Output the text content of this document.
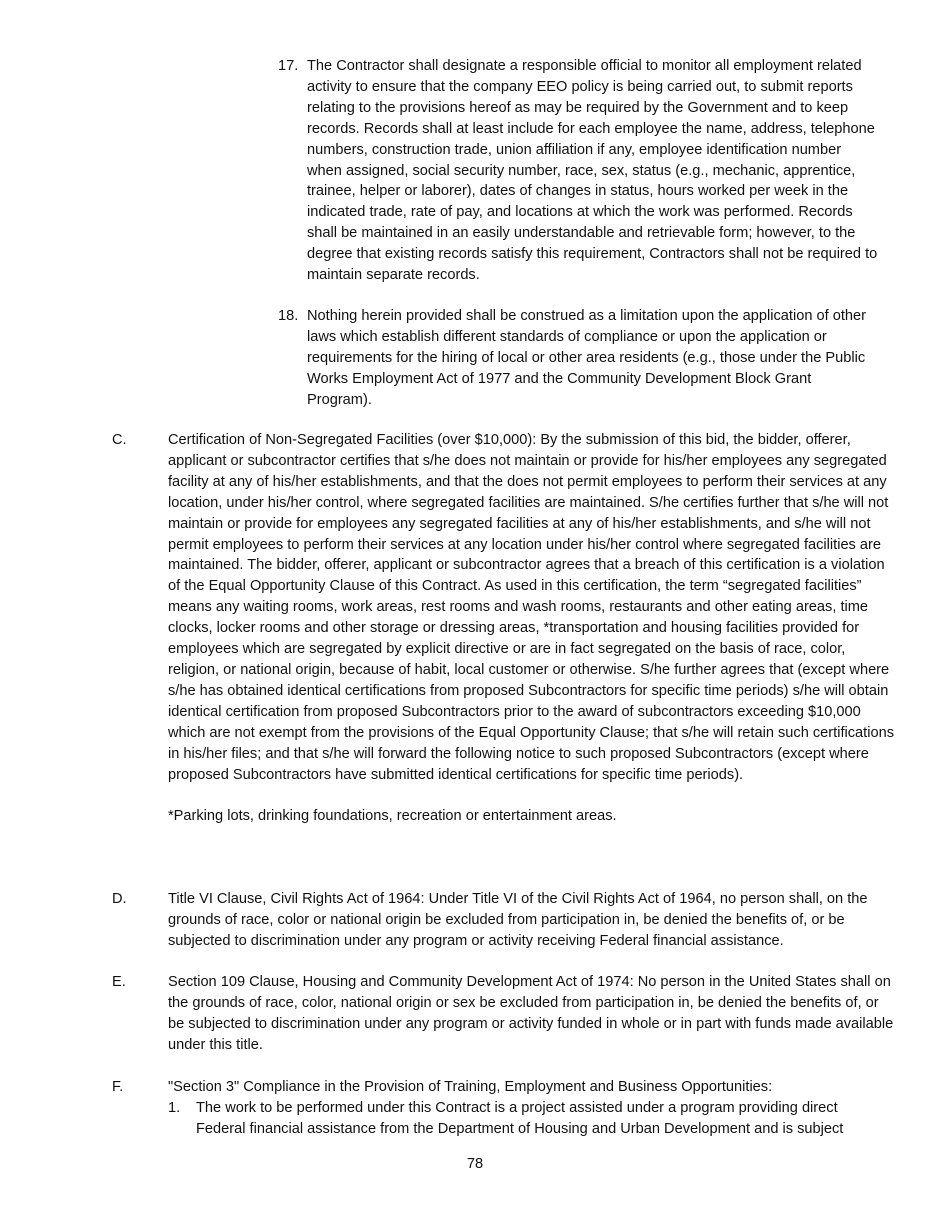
17. The Contractor shall designate a responsible official to monitor all employment related activity to ensure that the company EEO policy is being carried out, to submit reports relating to the provisions hereof as may be required by the Government and to keep records. Records shall at least include for each employee the name, address, telephone numbers, construction trade, union affiliation if any, employee identification number when assigned, social security number, race, sex, status (e.g., mechanic, apprentice, trainee, helper or laborer), dates of changes in status, hours worked per week in the indicated trade, rate of pay, and locations at which the work was performed. Records shall be maintained in an easily understandable and retrievable form; however, to the degree that existing records satisfy this requirement, Contractors shall not be required to maintain separate records.
18. Nothing herein provided shall be construed as a limitation upon the application of other laws which establish different standards of compliance or upon the application or requirements for the hiring of local or other area residents (e.g., those under the Public Works Employment Act of 1977 and the Community Development Block Grant Program).
C.	Certification of Non-Segregated Facilities (over $10,000): By the submission of this bid, the bidder, offerer, applicant or subcontractor certifies that s/he does not maintain or provide for his/her employees any segregated facility at any of his/her establishments, and that the does not permit employees to perform their services at any location, under his/her control, where segregated facilities are maintained. S/he certifies further that s/he will not maintain or provide for employees any segregated facilities at any of his/her establishments, and s/he will not permit employees to perform their services at any location under his/her control where segregated facilities are maintained. The bidder, offerer, applicant or subcontractor agrees that a breach of this certification is a violation of the Equal Opportunity Clause of this Contract. As used in this certification, the term “segregated facilities” means any waiting rooms, work areas, rest rooms and wash rooms, restaurants and other eating areas, time clocks, locker rooms and other storage or dressing areas, *transportation and housing facilities provided for employees which are segregated by explicit directive or are in fact segregated on the basis of race, color, religion, or national origin, because of habit, local customer or otherwise. S/he further agrees that (except where s/he has obtained identical certifications from proposed Subcontractors for specific time periods) s/he will obtain identical certification from proposed Subcontractors prior to the award of subcontractors exceeding $10,000 which are not exempt from the provisions of the Equal Opportunity Clause; that s/he will retain such certifications in his/her files; and that s/he will forward the following notice to such proposed Subcontractors (except where proposed Subcontractors have submitted identical certifications for specific time periods).

*Parking lots, drinking foundations, recreation or entertainment areas.

D.	Title VI Clause, Civil Rights Act of 1964: Under Title VI of the Civil Rights Act of 1964, no person shall, on the grounds of race, color or national origin be excluded from participation in, be denied the benefits of, or be subjected to discrimination under any program or activity receiving Federal financial assistance.

E.	Section 109 Clause, Housing and Community Development Act of 1974: No person in the United States shall on the grounds of race, color, national origin or sex be excluded from participation in, be denied the benefits of, or be subjected to discrimination under any program or activity funded in whole or in part with funds made available under this title.

F.	"Section 3" Compliance in the Provision of Training, Employment and Business Opportunities:

1. The work to be performed under this Contract is a project assisted under a program providing direct Federal financial assistance from the Department of Housing and Urban Development and is subject
78
